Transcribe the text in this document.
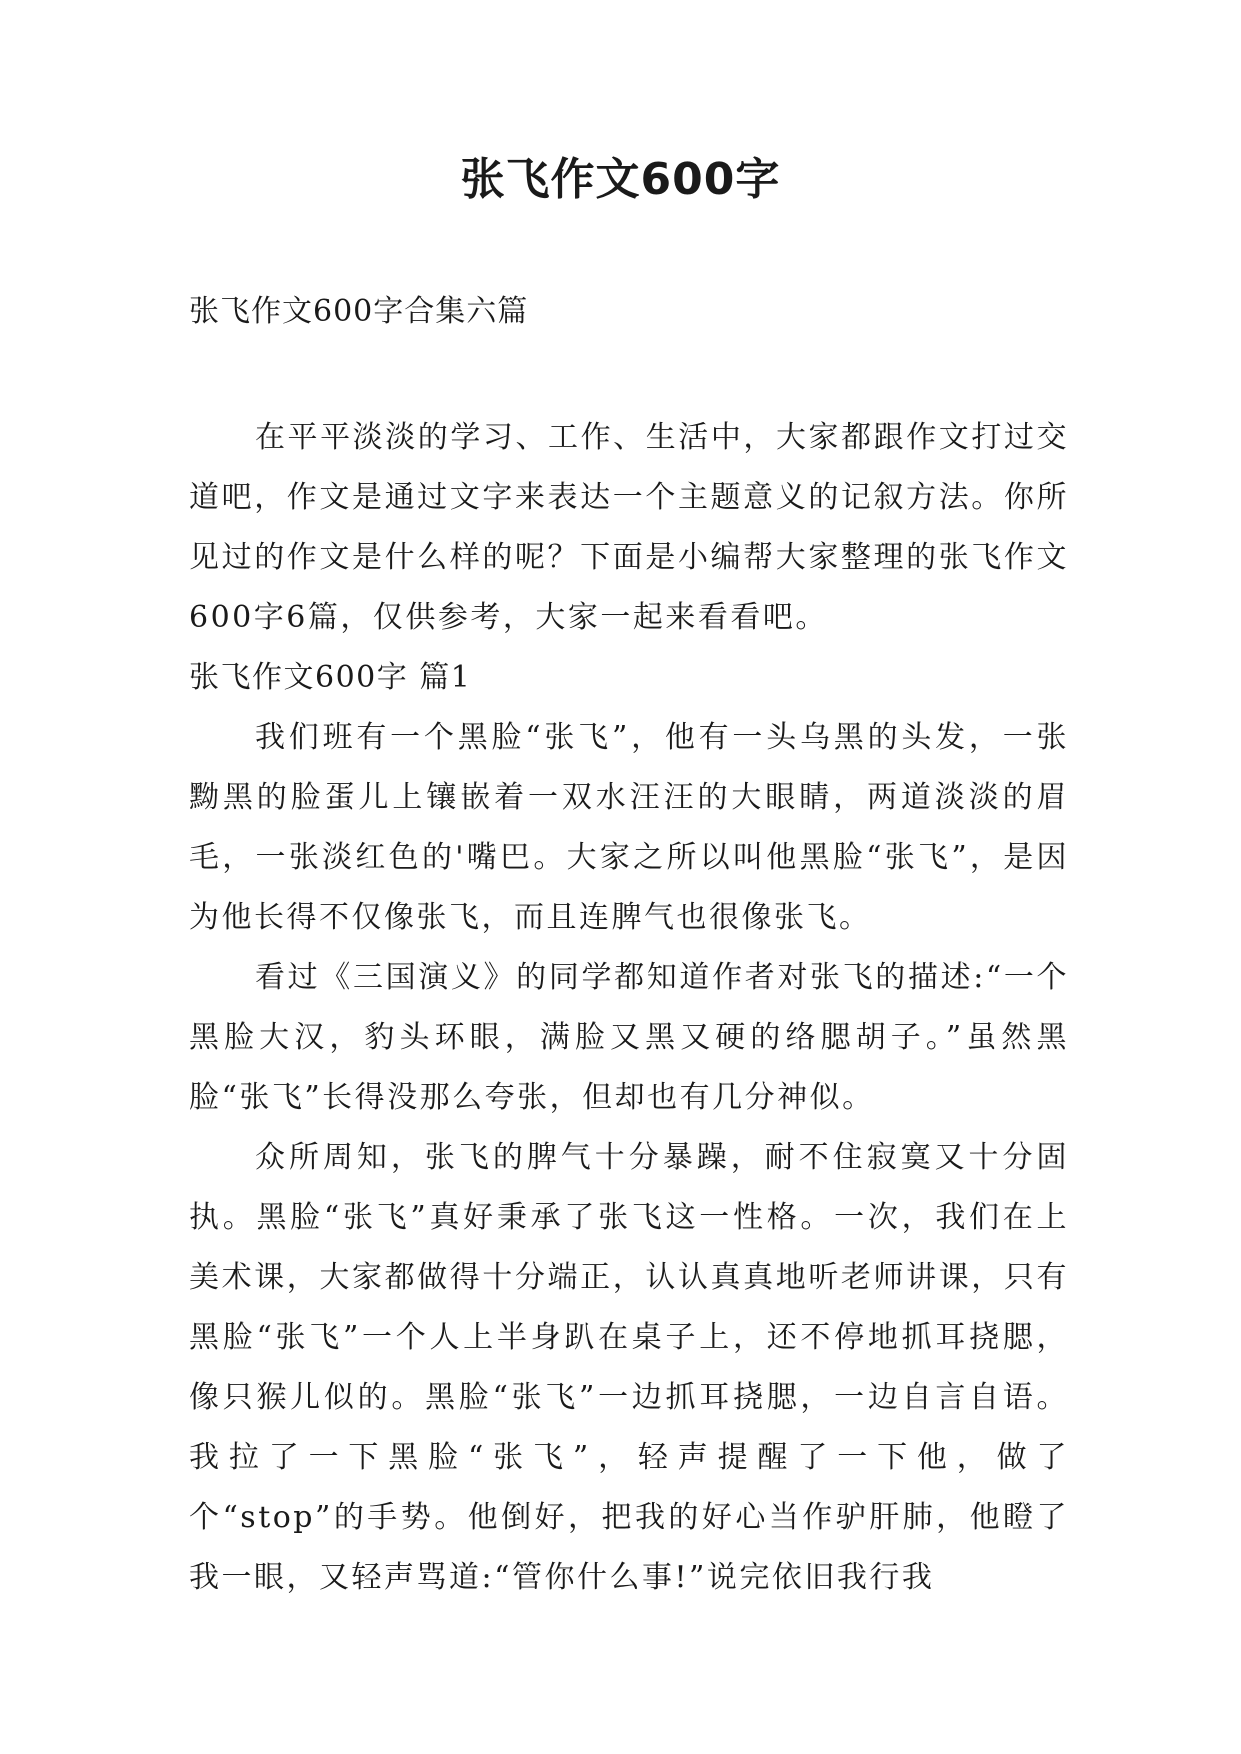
张飞作文600字

张飞作文600字合集六篇

在平平淡淡的学习、工作、生活中，大家都跟作文打过交道吧，作文是通过文字来表达一个主题意义的记叙方法。你所见过的作文是什么样的呢？下面是小编帮大家整理的张飞作文600字6篇，仅供参考，大家一起来看看吧。

张飞作文600字 篇1

我们班有一个黑脸“张飞”，他有一头乌黑的头发，一张黝黑的脸蛋儿上镶嵌着一双水汪汪的大眼睛，两道淡淡的眉毛，一张淡红色的'嘴巴。大家之所以叫他黑脸“张飞”，是因为他长得不仅像张飞，而且连脾气也很像张飞。

看过《三国演义》的同学都知道作者对张飞的描述:“一个黑脸大汉，豹头环眼，满脸又黑又硬的络腮胡子。”虽然黑脸“张飞”长得没那么夸张，但却也有几分神似。

众所周知，张飞的脾气十分暴躁，耐不住寂寞又十分固执。黑脸“张飞”真好秉承了张飞这一性格。一次，我们在上美术课，大家都做得十分端正，认认真真地听老师讲课，只有黑脸“张飞”一个人上半身趴在桌子上，还不停地抓耳挠腮，像只猴儿似的。黑脸“张飞”一边抓耳挠腮，一边自言自语。我拉了一下黑脸“张飞”，轻声提醒了一下他，做了个“stop”的手势。他倒好，把我的好心当作驴肝肺，他瞪了我一眼，又轻声骂道:“管你什么事!”说完依旧我行我
